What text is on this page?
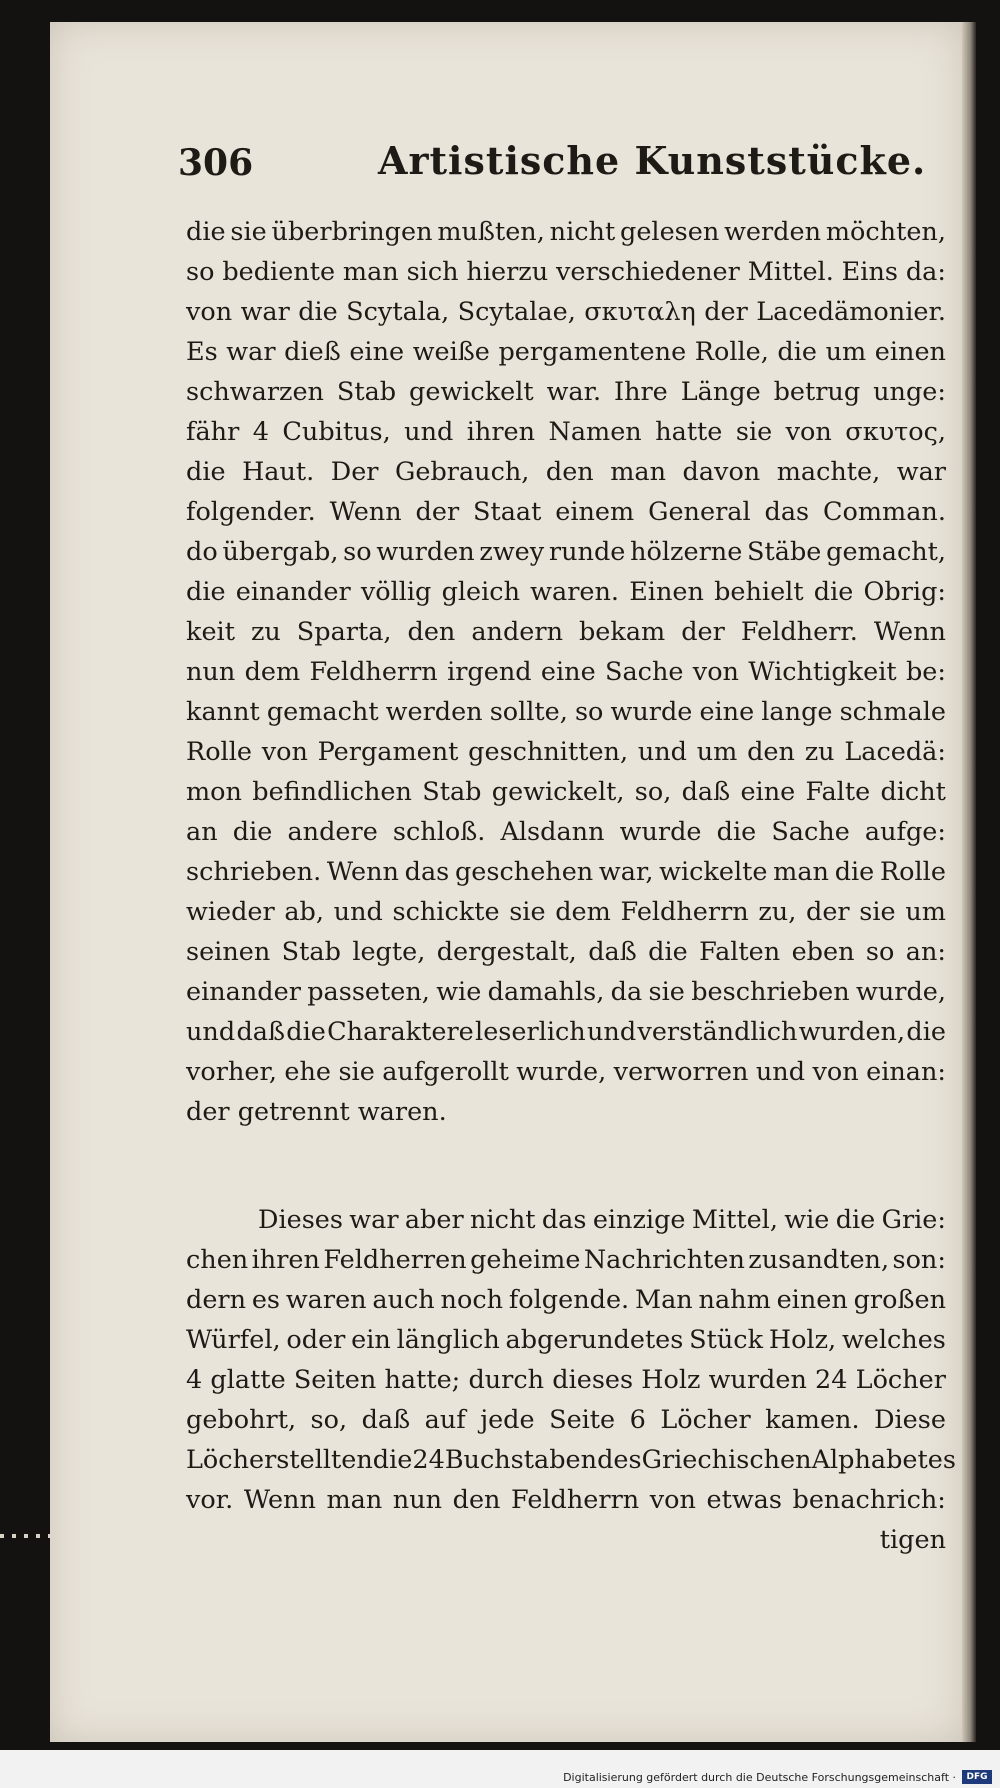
306	Artistische Kunststücke.
die sie überbringen mußten, nicht gelesen werden möchten,
so bediente man sich hierzu verschiedener Mittel. Eins da:
von war die Scytala, Scytalae, σκυταλη der Lacedämonier.
Es war dieß eine weiße pergamentene Rolle, die um einen
schwarzen Stab gewickelt war. Ihre Länge betrug unge:
fähr 4 Cubitus, und ihren Namen hatte sie von σκυτος,
die Haut. Der Gebrauch, den man davon machte, war
folgender. Wenn der Staat einem General das Comman.
do übergab, so wurden zwey runde hölzerne Stäbe gemacht,
die einander völlig gleich waren. Einen behielt die Obrig:
keit zu Sparta, den andern bekam der Feldherr. Wenn
nun dem Feldherrn irgend eine Sache von Wichtigkeit be:
kannt gemacht werden sollte, so wurde eine lange schmale
Rolle von Pergament geschnitten, und um den zu Lacedä:
mon befindlichen Stab gewickelt, so, daß eine Falte dicht
an die andere schloß. Alsdann wurde die Sache aufge:
schrieben. Wenn das geschehen war, wickelte man die Rolle
wieder ab, und schickte sie dem Feldherrn zu, der sie um
seinen Stab legte, dergestalt, daß die Falten eben so an:
einander passeten, wie damahls, da sie beschrieben wurde,
und daß die Charaktere leserlich und verständlich wurden, die
vorher, ehe sie aufgerollt wurde, verworren und von einan:
der getrennt waren.
Dieses war aber nicht das einzige Mittel, wie die Grie:
chen ihren Feldherren geheime Nachrichten zusandten, son:
dern es waren auch noch folgende. Man nahm einen großen
Würfel, oder ein länglich abgerundetes Stück Holz, welches
4 glatte Seiten hatte; durch dieses Holz wurden 24 Löcher
gebohrt, so, daß auf jede Seite 6 Löcher kamen. Diese
Löcher stellten die 24 Buchstaben des Griechischen Alphabetes
vor. Wenn man nun den Feldherrn von etwas benachrich:
tigen
Digitalisierung gefördert durch die Deutsche Forschungsgemeinschaft ·	DFG
